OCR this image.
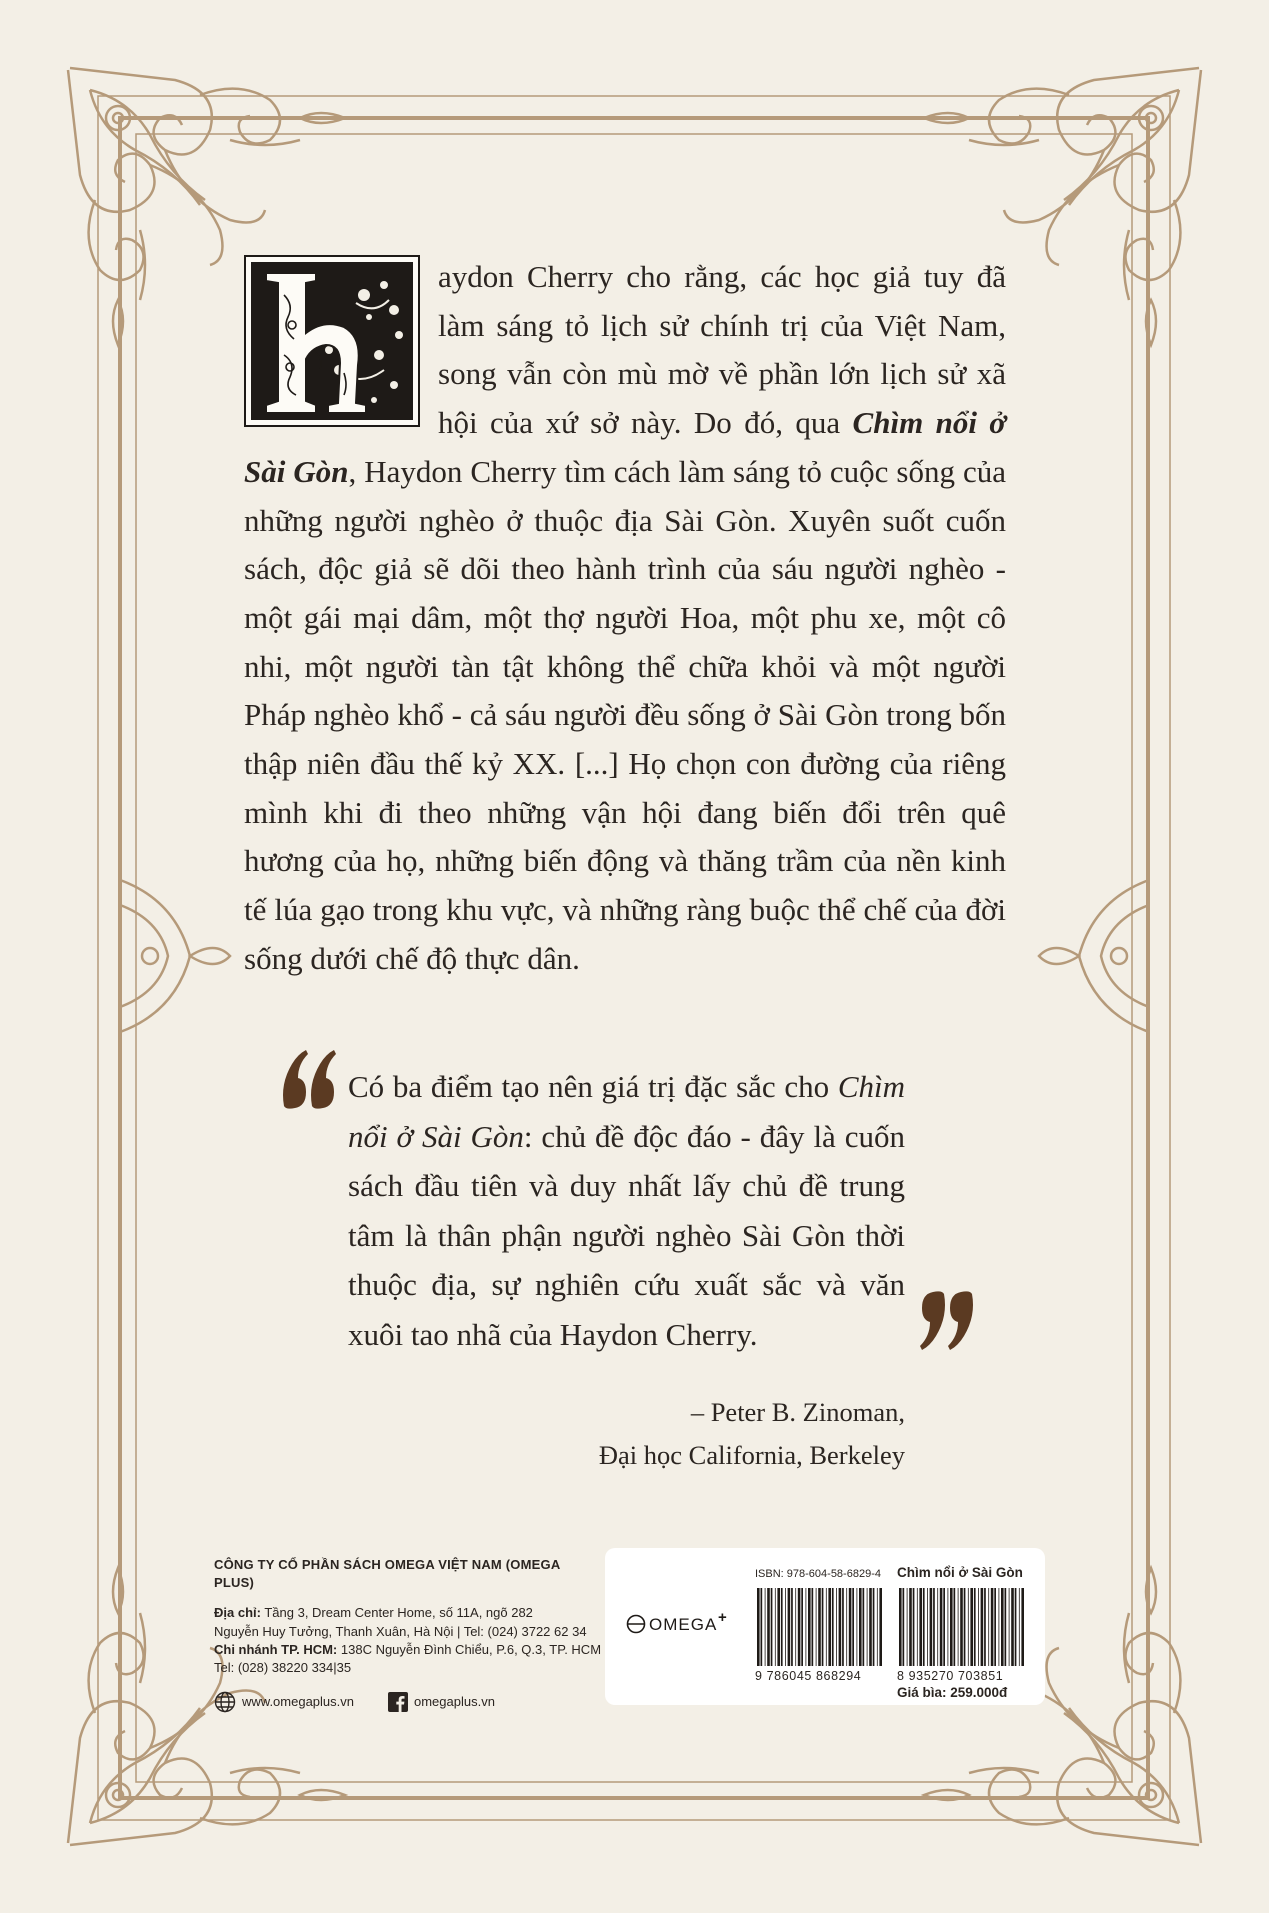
aydon Cherry cho rằng, các học giả tuy đã làm sáng tỏ lịch sử chính trị của Việt Nam, song vẫn còn mù mờ về phần lớn lịch sử xã hội của xứ sở này. Do đó, qua Chìm nổi ở Sài Gòn, Haydon Cherry tìm cách làm sáng tỏ cuộc sống của những người nghèo ở thuộc địa Sài Gòn. Xuyên suốt cuốn sách, độc giả sẽ dõi theo hành trình của sáu người nghèo - một gái mại dâm, một thợ người Hoa, một phu xe, một cô nhi, một người tàn tật không thể chữa khỏi và một người Pháp nghèo khổ - cả sáu người đều sống ở Sài Gòn trong bốn thập niên đầu thế kỷ XX. [...] Họ chọn con đường của riêng mình khi đi theo những vận hội đang biến đổi trên quê hương của họ, những biến động và thăng trầm của nền kinh tế lúa gạo trong khu vực, và những ràng buộc thể chế của đời sống dưới chế độ thực dân.

Có ba điểm tạo nên giá trị đặc sắc cho Chìm nổi ở Sài Gòn: chủ đề độc đáo - đây là cuốn sách đầu tiên và duy nhất lấy chủ đề trung tâm là thân phận người nghèo Sài Gòn thời thuộc địa, sự nghiên cứu xuất sắc và văn xuôi tao nhã của Haydon Cherry.
– Peter B. Zinoman,
Đại học California, Berkeley
CÔNG TY CỔ PHẦN SÁCH OMEGA VIỆT NAM (OMEGA PLUS)
Địa chỉ: Tầng 3, Dream Center Home, số 11A, ngõ 282
Nguyễn Huy Tưởng, Thanh Xuân, Hà Nội | Tel: (024) 3722 62 34
Chi nhánh TP. HCM: 138C Nguyễn Đình Chiểu, P.6, Q.3, TP. HCM
Tel: (028) 38220 334|35
www.omegaplus.vn	omegaplus.vn
OMEGA +
ISBN: 978-604-58-6829-4 Chìm nổi ở Sài Gòn
9 786045 868294	8 935270 703851
Giá bìa: 259.000đ
